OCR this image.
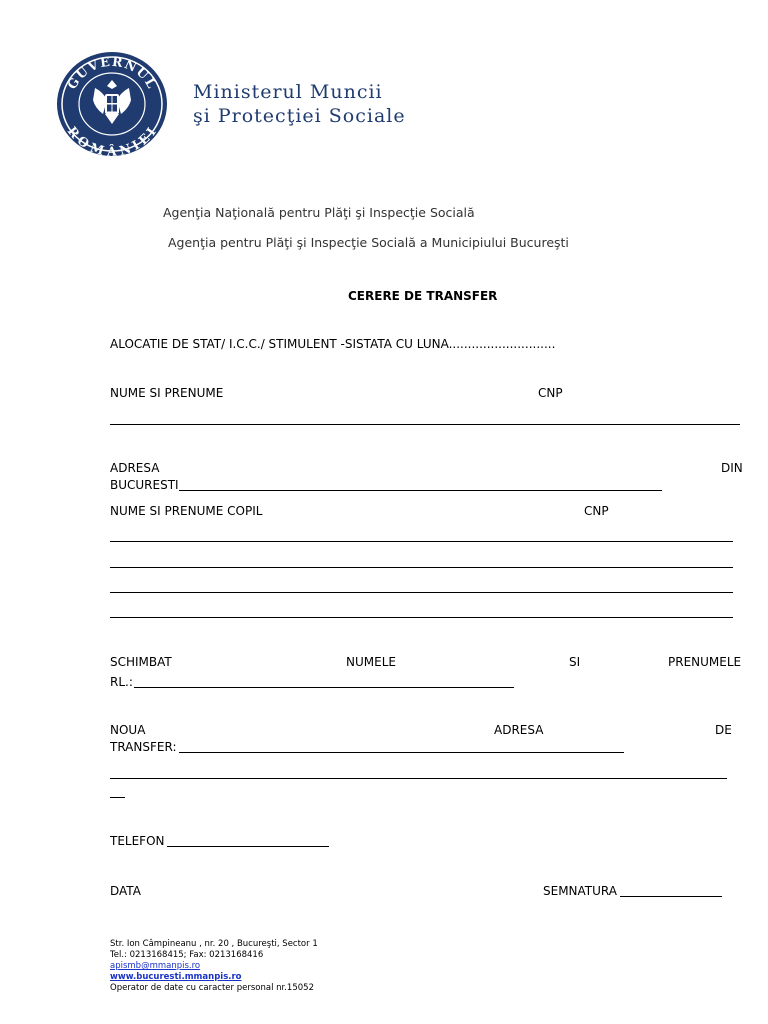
GUVERNUL
ROMÂNIEI
Ministerul Muncii
şi Protecţiei Sociale
Agenţia Naţională pentru Plăţi şi Inspecţie Socială
Agenţia pentru Plăţi şi Inspecţie Socială a Municipiului Bucureşti
CERERE DE TRANSFER
ALOCATIE DE STAT/ I.C.C./ STIMULENT -SISTATA CU LUNA............................
NUME SI PRENUME	CNP
ADRESA	DIN
BUCURESTI
NUME SI PRENUME COPIL	CNP
SCHIMBAT	NUMELE	SI	PRENUMELE
RL.:
NOUA	ADRESA	DE
TRANSFER:
TELEFON
DATA	SEMNATURA
Str. Ion Câmpineanu , nr. 20 , Bucureşti, Sector 1
Tel.: 0213168415; Fax: 0213168416
apismb@mmanpis.ro
www.bucuresti.mmanpis.ro
Operator de date cu caracter personal nr.15052
